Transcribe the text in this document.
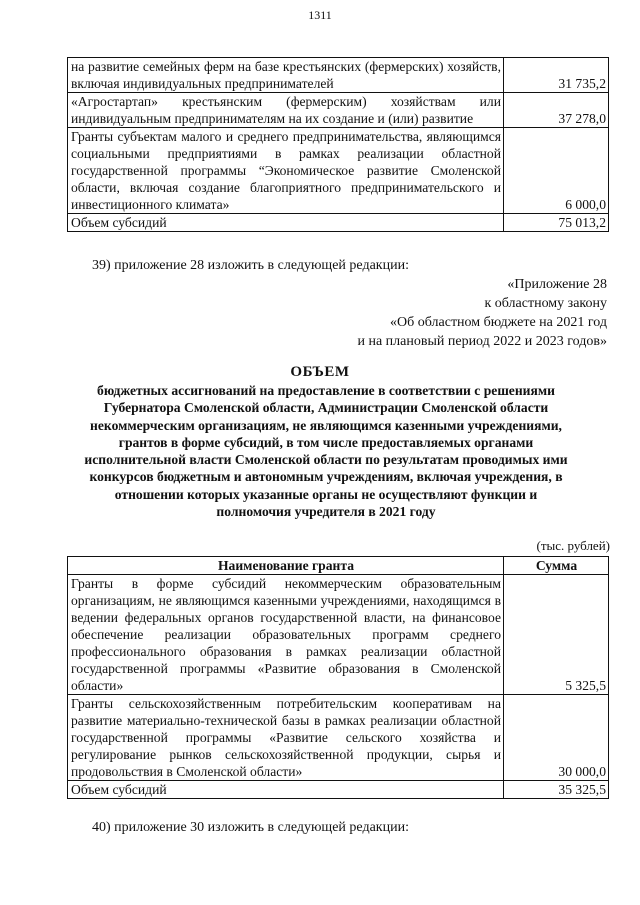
1311
на развитие семейных ферм на базе крестьянских (фермерских) хозяйств, включая индивидуальных предпринимателей	31 735,2
«Агростартап» крестьянским (фермерским) хозяйствам или индивидуальным предпринимателям на их создание и (или) развитие	37 278,0
Гранты субъектам малого и среднего предпринимательства, являющимся социальными предприятиями в рамках реализации областной государственной программы “Экономическое развитие Смоленской области, включая создание благоприятного предпринимательского и инвестиционного климата»	6 000,0
Объем субсидий	75 013,2
39) приложение 28 изложить в следующей редакции:
«Приложение 28
к областному закону
«Об областном бюджете на 2021 год
и на плановый период 2022 и 2023 годов»
ОБЪЕМ
бюджетных ассигнований на предоставление в соответствии с решениями Губернатора Смоленской области, Администрации Смоленской области некоммерческим организациям, не являющимся казенными учреждениями, грантов в форме субсидий, в том числе предоставляемых органами исполнительной власти Смоленской области по результатам проводимых ими конкурсов бюджетным и автономным учреждениям, включая учреждения, в отношении которых указанные органы не осуществляют функции и полномочия учредителя в 2021 году
(тыс. рублей)
Наименование гранта	Сумма
Гранты в форме субсидий некоммерческим образовательным организациям, не являющимся казенными учреждениями, находящимся в ведении федеральных органов государственной власти, на финансовое обеспечение реализации образовательных программ среднего профессионального образования в рамках реализации областной государственной программы «Развитие образования в Смоленской области»	5 325,5
Гранты сельскохозяйственным потребительским кооперативам на развитие материально-технической базы в рамках реализации областной государственной программы «Развитие сельского хозяйства и регулирование рынков сельскохозяйственной продукции, сырья и продовольствия в Смоленской области»	30 000,0
Объем субсидий	35 325,5
40) приложение 30 изложить в следующей редакции:
